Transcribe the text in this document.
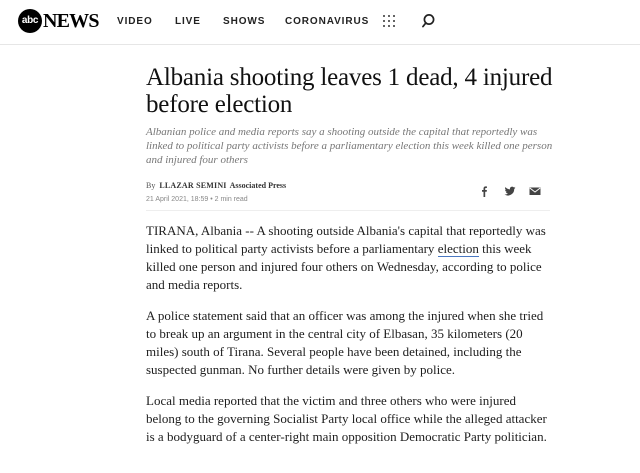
abc NEWS VIDEO LIVE SHOWS CORONAVIRUS
Albania shooting leaves 1 dead, 4 injured before election

Albanian police and media reports say a shooting outside the capital that reportedly was linked to political party activists before a parliamentary election this week killed one person and injured four others

By LLAZAR SEMINI Associated Press
21 April 2021, 18:59 • 2 min read

TIRANA, Albania -- A shooting outside Albania's capital that reportedly was linked to political party activists before a parliamentary election this week killed one person and injured four others on Wednesday, according to police and media reports.

A police statement said that an officer was among the injured when she tried to break up an argument in the central city of Elbasan, 35 kilometers (20 miles) south of Tirana. Several people have been detained, including the suspected gunman. No further details were given by police.

Local media reported that the victim and three others who were injured belong to the governing Socialist Party local office while the alleged attacker is a bodyguard of a center-right main opposition Democratic Party politician.
